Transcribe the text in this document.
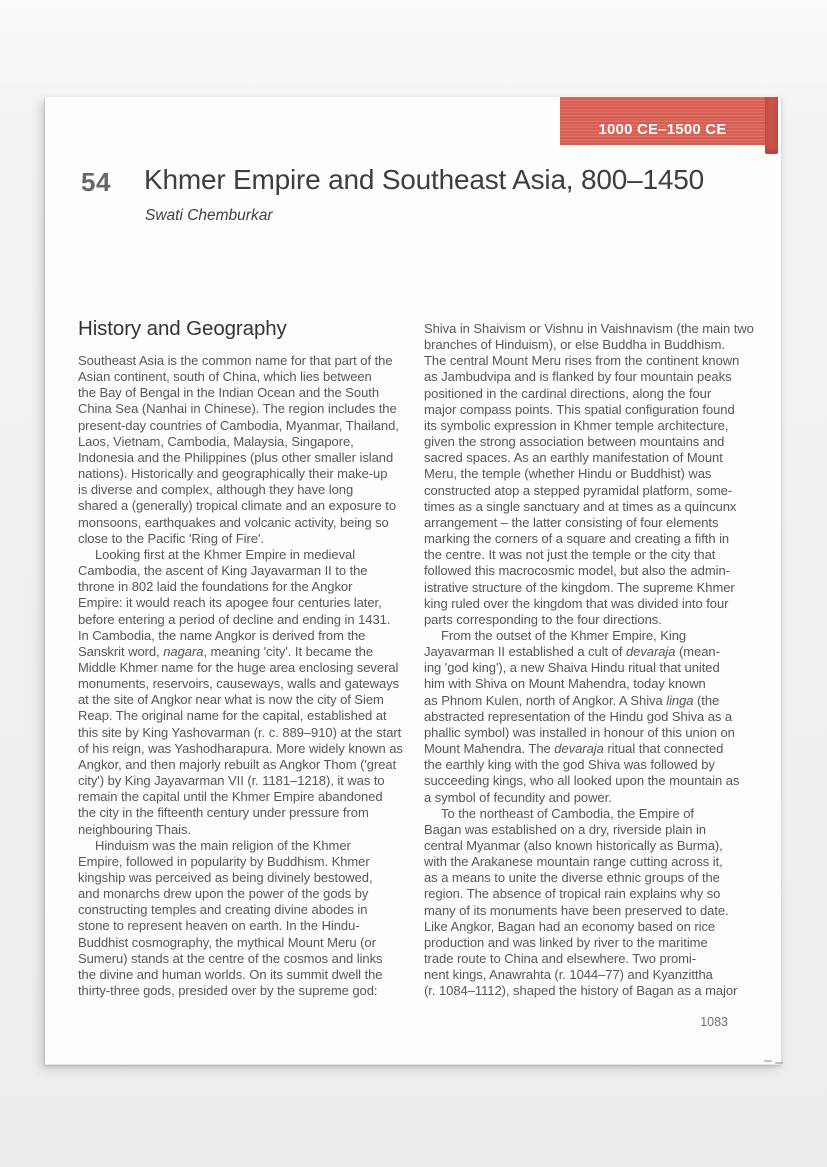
1000 CE–1500 CE
54 Khmer Empire and Southeast Asia, 800–1450
Swati Chemburkar
History and Geography

Southeast Asia is the common name for that part of the
Asian continent, south of China, which lies between
the Bay of Bengal in the Indian Ocean and the South
China Sea (Nanhai in Chinese). The region includes the
present-day countries of Cambodia, Myanmar, Thailand,
Laos, Vietnam, Cambodia, Malaysia, Singapore,
Indonesia and the Philippines (plus other smaller island
nations). Historically and geographically their make-up
is diverse and complex, although they have long
shared a (generally) tropical climate and an exposure to
monsoons, earthquakes and volcanic activity, being so
close to the Pacific 'Ring of Fire'.

Looking first at the Khmer Empire in medieval
Cambodia, the ascent of King Jayavarman II to the
throne in 802 laid the foundations for the Angkor
Empire: it would reach its apogee four centuries later,
before entering a period of decline and ending in 1431.
In Cambodia, the name Angkor is derived from the
Sanskrit word, nagara, meaning 'city'. It became the
Middle Khmer name for the huge area enclosing several
monuments, reservoirs, causeways, walls and gateways
at the site of Angkor near what is now the city of Siem
Reap. The original name for the capital, established at
this site by King Yashovarman (r. c. 889–910) at the start
of his reign, was Yashodharapura. More widely known as
Angkor, and then majorly rebuilt as Angkor Thom ('great
city') by King Jayavarman VII (r. 1181–1218), it was to
remain the capital until the Khmer Empire abandoned
the city in the fifteenth century under pressure from
neighbouring Thais.

Hinduism was the main religion of the Khmer
Empire, followed in popularity by Buddhism. Khmer
kingship was perceived as being divinely bestowed,
and monarchs drew upon the power of the gods by
constructing temples and creating divine abodes in
stone to represent heaven on earth. In the Hindu-
Buddhist cosmography, the mythical Mount Meru (or
Sumeru) stands at the centre of the cosmos and links
the divine and human worlds. On its summit dwell the
thirty-three gods, presided over by the supreme god:

Shiva in Shaivism or Vishnu in Vaishnavism (the main two
branches of Hinduism), or else Buddha in Buddhism.
The central Mount Meru rises from the continent known
as Jambudvipa and is flanked by four mountain peaks
positioned in the cardinal directions, along the four
major compass points. This spatial configuration found
its symbolic expression in Khmer temple architecture,
given the strong association between mountains and
sacred spaces. As an earthly manifestation of Mount
Meru, the temple (whether Hindu or Buddhist) was
constructed atop a stepped pyramidal platform, some-
times as a single sanctuary and at times as a quincunx
arrangement – the latter consisting of four elements
marking the corners of a square and creating a fifth in
the centre. It was not just the temple or the city that
followed this macrocosmic model, but also the admin-
istrative structure of the kingdom. The supreme Khmer
king ruled over the kingdom that was divided into four
parts corresponding to the four directions.

From the outset of the Khmer Empire, King
Jayavarman II established a cult of devaraja (mean-
ing 'god king'), a new Shaiva Hindu ritual that united
him with Shiva on Mount Mahendra, today known
as Phnom Kulen, north of Angkor. A Shiva linga (the
abstracted representation of the Hindu god Shiva as a
phallic symbol) was installed in honour of this union on
Mount Mahendra. The devaraja ritual that connected
the earthly king with the god Shiva was followed by
succeeding kings, who all looked upon the mountain as
a symbol of fecundity and power.

To the northeast of Cambodia, the Empire of
Bagan was established on a dry, riverside plain in
central Myanmar (also known historically as Burma),
with the Arakanese mountain range cutting across it,
as a means to unite the diverse ethnic groups of the
region. The absence of tropical rain explains why so
many of its monuments have been preserved to date.
Like Angkor, Bagan had an economy based on rice
production and was linked by river to the maritime
trade route to China and elsewhere. Two promi-
nent kings, Anawrahta (r. 1044–77) and Kyanzittha
(r. 1084–1112), shaped the history of Bagan as a major

1083
